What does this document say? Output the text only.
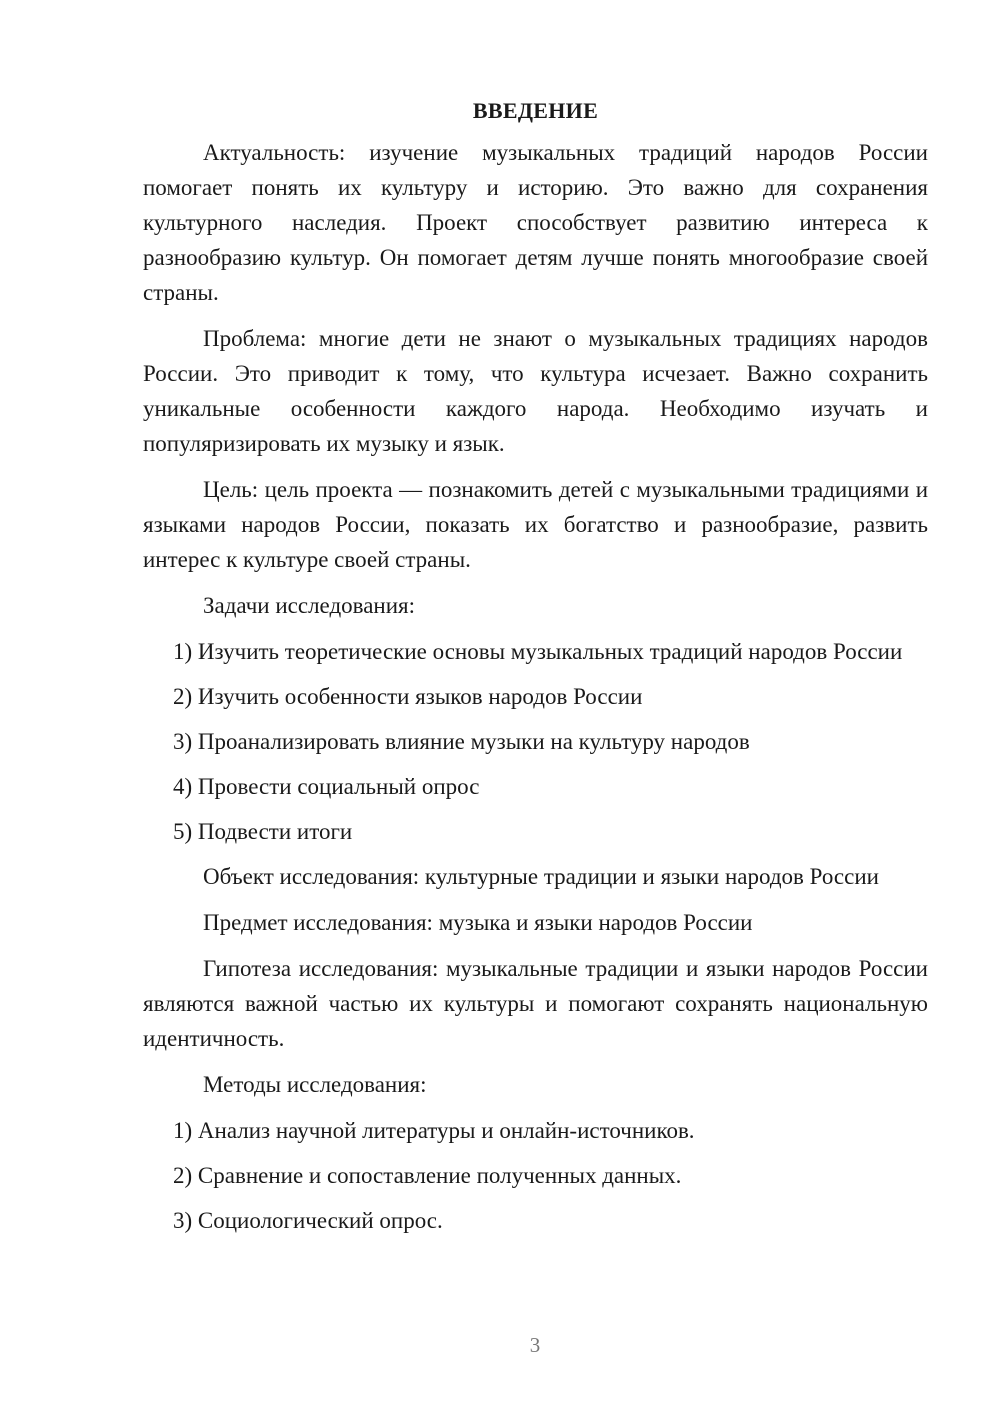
ВВЕДЕНИЕ

Актуальность: изучение музыкальных традиций народов России помогает понять их культуру и историю. Это важно для сохранения культурного наследия. Проект способствует развитию интереса к разнообразию культур. Он помогает детям лучше понять многообразие своей страны.

Проблема: многие дети не знают о музыкальных традициях народов России. Это приводит к тому, что культура исчезает. Важно сохранить уникальные особенности каждого народа. Необходимо изучать и популяризировать их музыку и язык.

Цель: цель проекта — познакомить детей с музыкальными традициями и языками народов России, показать их богатство и разнообразие, развить интерес к культуре своей страны.

Задачи исследования:

1) Изучить теоретические основы музыкальных традиций народов России

2) Изучить особенности языков народов России

3) Проанализировать влияние музыки на культуру народов

4) Провести социальный опрос

5) Подвести итоги

Объект исследования: культурные традиции и языки народов России

Предмет исследования: музыка и языки народов России

Гипотеза исследования: музыкальные традиции и языки народов России являются важной частью их культуры и помогают сохранять национальную идентичность.

Методы исследования:

1) Анализ научной литературы и онлайн-источников.

2) Сравнение и сопоставление полученных данных.

3) Социологический опрос.

3
